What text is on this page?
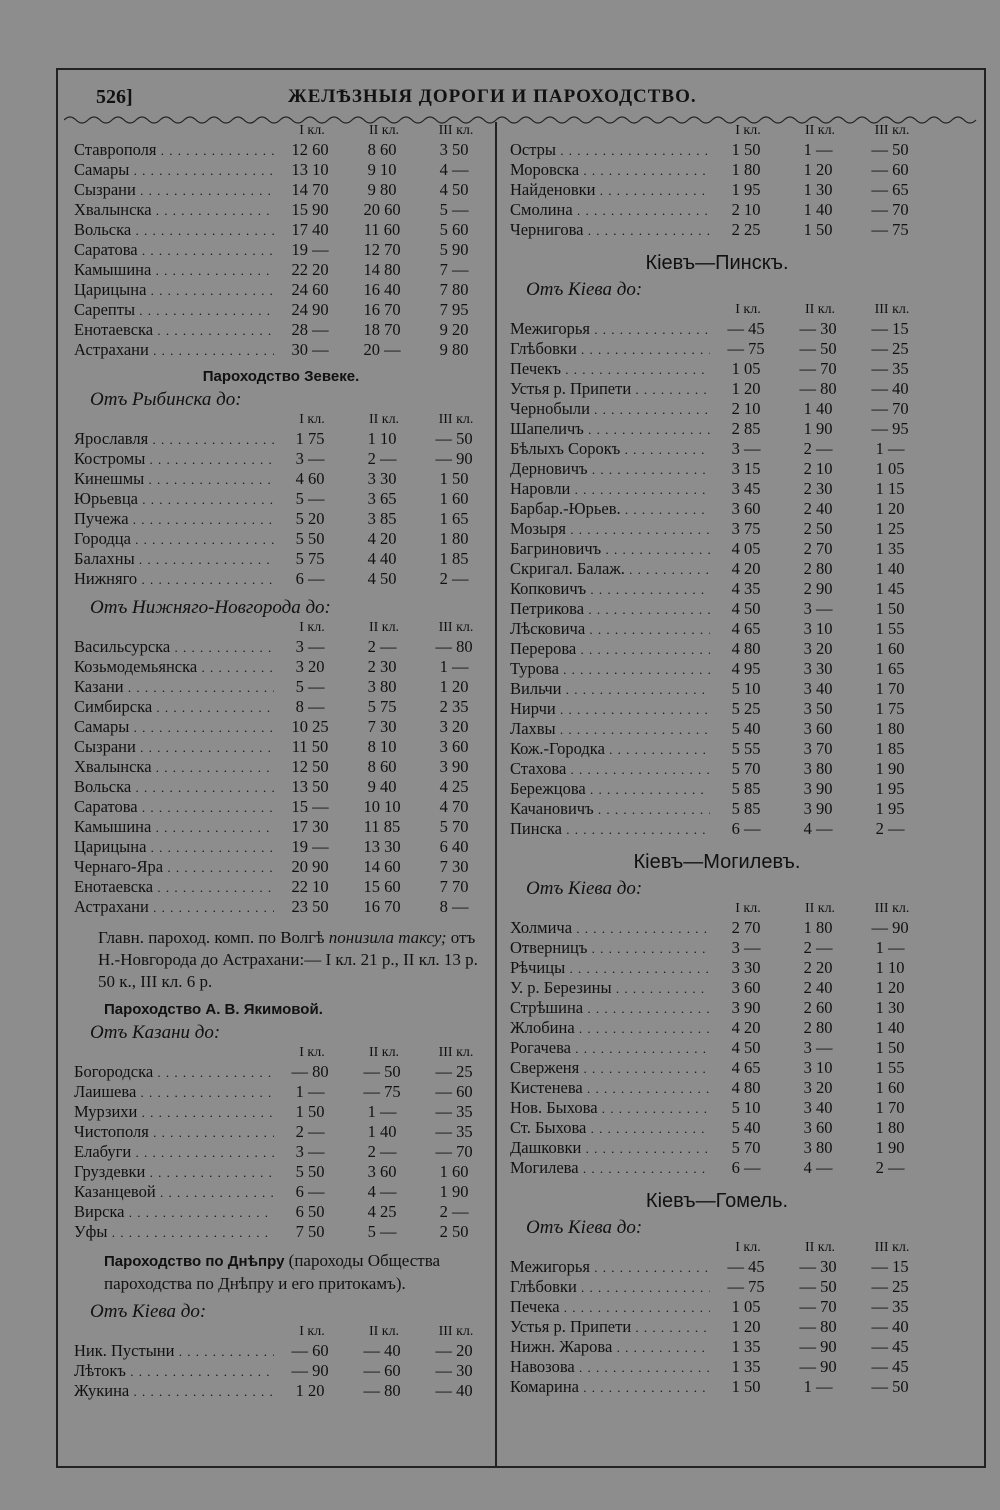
526]	ЖЕЛѢЗНЫЯ ДОРОГИ И ПАРОХОДСТВО.
I кл.	II кл.	III кл.
Ставрополя . . .	12 60	8 60	3 50
Самары . . .	13 10	9 10	4 —
Сызрани . . .	14 70	9 80	4 50
Хвалынска . . .	15 90	20 60	5 —
Вольска . . .	17 40	11 60	5 60
Саратова . . .	19 —	12 70	5 90
Камышина . . .	22 20	14 80	7 —
Царицына . . .	24 60	16 40	7 80
Сарепты . . .	24 90	16 70	7 95
Енотаевска . . .	28 —	18 70	9 20
Астрахани . . .	30 —	20 —	9 80
Пароходство Зевеке.
Отъ Рыбинска до:
I кл.	II кл.	III кл.
Ярославля . . .	1 75	1 10	— 50
Костромы . . .	3 —	2 —	— 90
Кинешмы . . .	4 60	3 30	1 50
Юрьевца . . .	5 —	3 65	1 60
Пучежа . . .	5 20	3 85	1 65
Городца . . .	5 50	4 20	1 80
Балахны . . .	5 75	4 40	1 85
Нижняго . . .	6 —	4 50	2 —
Отъ Нижняго-Новгорода до:
I кл.	II кл.	III кл.
Васильсурска . . .	3 —	2 —	— 80
Козьмодемьянска . . .	3 20	2 30	1 —
Казани . . .	5 —	3 80	1 20
Симбирска . . .	8 —	5 75	2 35
Самары . . .	10 25	7 30	3 20
Сызрани . . .	11 50	8 10	3 60
Хвалынска . . .	12 50	8 60	3 90
Вольска . . .	13 50	9 40	4 25
Саратова . . .	15 —	10 10	4 70
Камышина . . .	17 30	11 85	5 70
Царицына . . .	19 —	13 30	6 40
Чернаго-Яра . . .	20 90	14 60	7 30
Енотаевска . . .	22 10	15 60	7 70
Астрахани . . .	23 50	16 70	8 —
Главн. пароход. комп. по Волгѣ понизила таксу; отъ Н.-Новгорода до Астрахани:— I кл. 21 р., II кл. 13 р. 50 к., III кл. 6 р.
Пароходство А. В. Якимовой.
Отъ Казани до:
I кл.	II кл.	III кл.
Богородска . . .	— 80	— 50	— 25
Лаишева . . .	1 —	— 75	— 60
Мурзихи . . .	1 50	1 —	— 35
Чистополя . . .	2 —	1 40	— 35
Елабуги . . .	3 —	2 —	— 70
Груздевки . . .	5 50	3 60	1 60
Казанцевой . . .	6 —	4 —	1 90
Вирска . . .	6 50	4 25	2 —
Уфы . . .	7 50	5 —	2 50
Пароходство по Днѣпру (пароходы Общества пароходства по Днѣпру и его притокамъ).
Отъ Кіева до:
I кл.	II кл.	III кл.
Ник. Пустыни . . .	— 60	— 40	— 20
Лѣтокъ . . .	— 90	— 60	— 30
Жукина . . .	1 20	— 80	— 40
I кл.	II кл.	III кл.
Остры . . .	1 50	1 —	— 50
Моровска . . .	1 80	1 20	— 60
Найденовки . . .	1 95	1 30	— 65
Смолина . . .	2 10	1 40	— 70
Чернигова . . .	2 25	1 50	— 75
Кіевъ—Пинскъ.
Отъ Кіева до:
I кл.	II кл.	III кл.
Межигорья . . .	— 45	— 30	— 15
Глѣбовки . . .	— 75	— 50	— 25
Печекъ . . .	1 05	— 70	— 35
Устья р. Припети . . .	1 20	— 80	— 40
Чернобыли . . .	2 10	1 40	— 70
Шапеличъ . . .	2 85	1 90	— 95
Бѣлыхъ Сорокъ . . .	3 —	2 —	1 —
Дерновичъ . . .	3 15	2 10	1 05
Наровли . . .	3 45	2 30	1 15
Барбар.-Юрьев. . . .	3 60	2 40	1 20
Мозыря . . .	3 75	2 50	1 25
Багриновичъ . . .	4 05	2 70	1 35
Скригал. Балаж. . . .	4 20	2 80	1 40
Копковичъ . . .	4 35	2 90	1 45
Петрикова . . .	4 50	3 —	1 50
Лѣсковича . . .	4 65	3 10	1 55
Перерова . . .	4 80	3 20	1 60
Турова . . .	4 95	3 30	1 65
Вильчи . . .	5 10	3 40	1 70
Нирчи . . .	5 25	3 50	1 75
Лахвы . . .	5 40	3 60	1 80
Кож.-Городка . . .	5 55	3 70	1 85
Стахова . . .	5 70	3 80	1 90
Бережцова . . .	5 85	3 90	1 95
Качановичъ . . .	5 85	3 90	1 95
Пинска . . .	6 —	4 —	2 —
Кіевъ—Могилевъ.
Отъ Кіева до:
I кл.	II кл.	III кл.
Холмича . . .	2 70	1 80	— 90
Отверницъ . . .	3 —	2 —	1 —
Рѣчицы . . .	3 30	2 20	1 10
У. р. Березины . . .	3 60	2 40	1 20
Стрѣшина . . .	3 90	2 60	1 30
Жлобина . . .	4 20	2 80	1 40
Рогачева . . .	4 50	3 —	1 50
Сверженя . . .	4 65	3 10	1 55
Кистенева . . .	4 80	3 20	1 60
Нов. Быхова . . .	5 10	3 40	1 70
Ст. Быхова . . .	5 40	3 60	1 80
Дашковки . . .	5 70	3 80	1 90
Могилева . . .	6 —	4 —	2 —
Кіевъ—Гомель.
Отъ Кіева до:
I кл.	II кл.	III кл.
Межигорья . . .	— 45	— 30	— 15
Глѣбовки . . .	— 75	— 50	— 25
Печека . . .	1 05	— 70	— 35
Устья р. Припети . . .	1 20	— 80	— 40
Нижн. Жарова . . .	1 35	— 90	— 45
Навозова . . .	1 35	— 90	— 45
Комарина . . .	1 50	1 —	— 50
